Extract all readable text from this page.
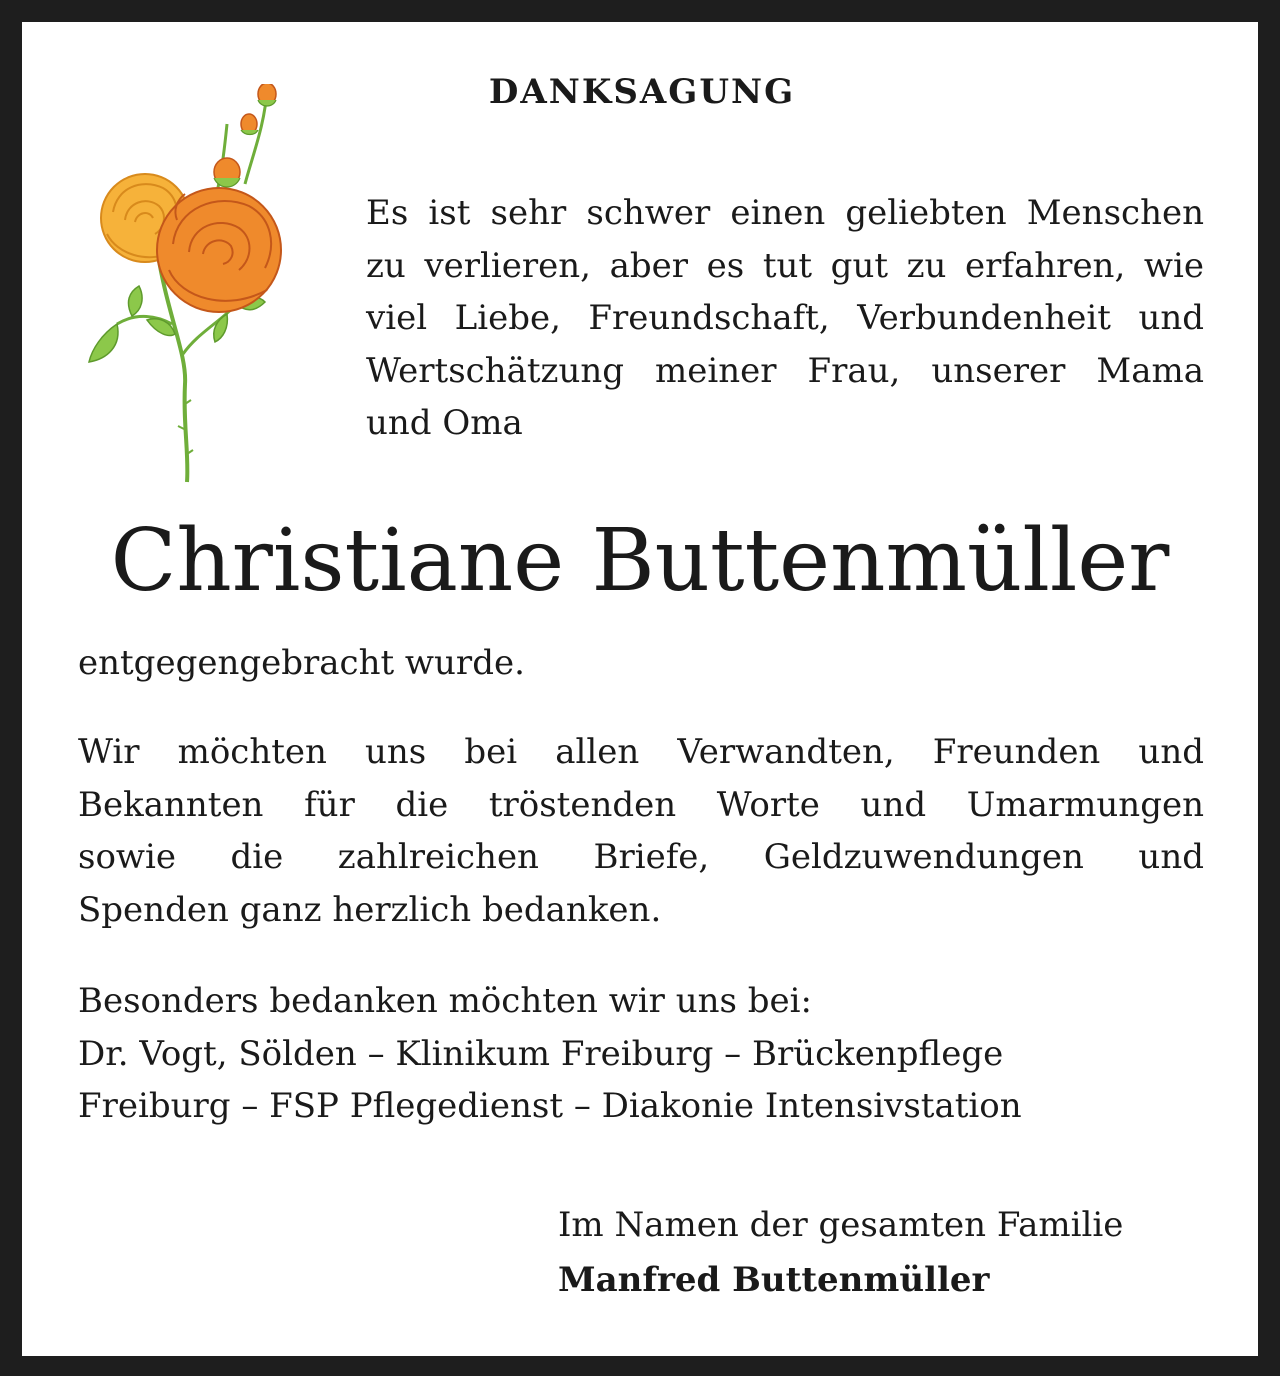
DANKSAGUNG
Es ist sehr schwer einen geliebten Menschen
zu verlieren, aber es tut gut zu erfahren, wie
viel Liebe, Freundschaft, Verbundenheit und
Wertschätzung meiner Frau, unserer Mama
und Oma
Christiane Buttenmüller
entgegengebracht wurde.
Wir möchten uns bei allen Verwandten, Freunden und
Bekannten für die tröstenden Worte und Umarmungen
sowie die zahlreichen Briefe, Geldzuwendungen und
Spenden ganz herzlich bedanken.
Besonders bedanken möchten wir uns bei:
Dr. Vogt, Sölden – Klinikum Freiburg – Brückenpflege
Freiburg – FSP Pflegedienst – Diakonie Intensivstation
Im Namen der gesamten Familie
Manfred Buttenmüller
